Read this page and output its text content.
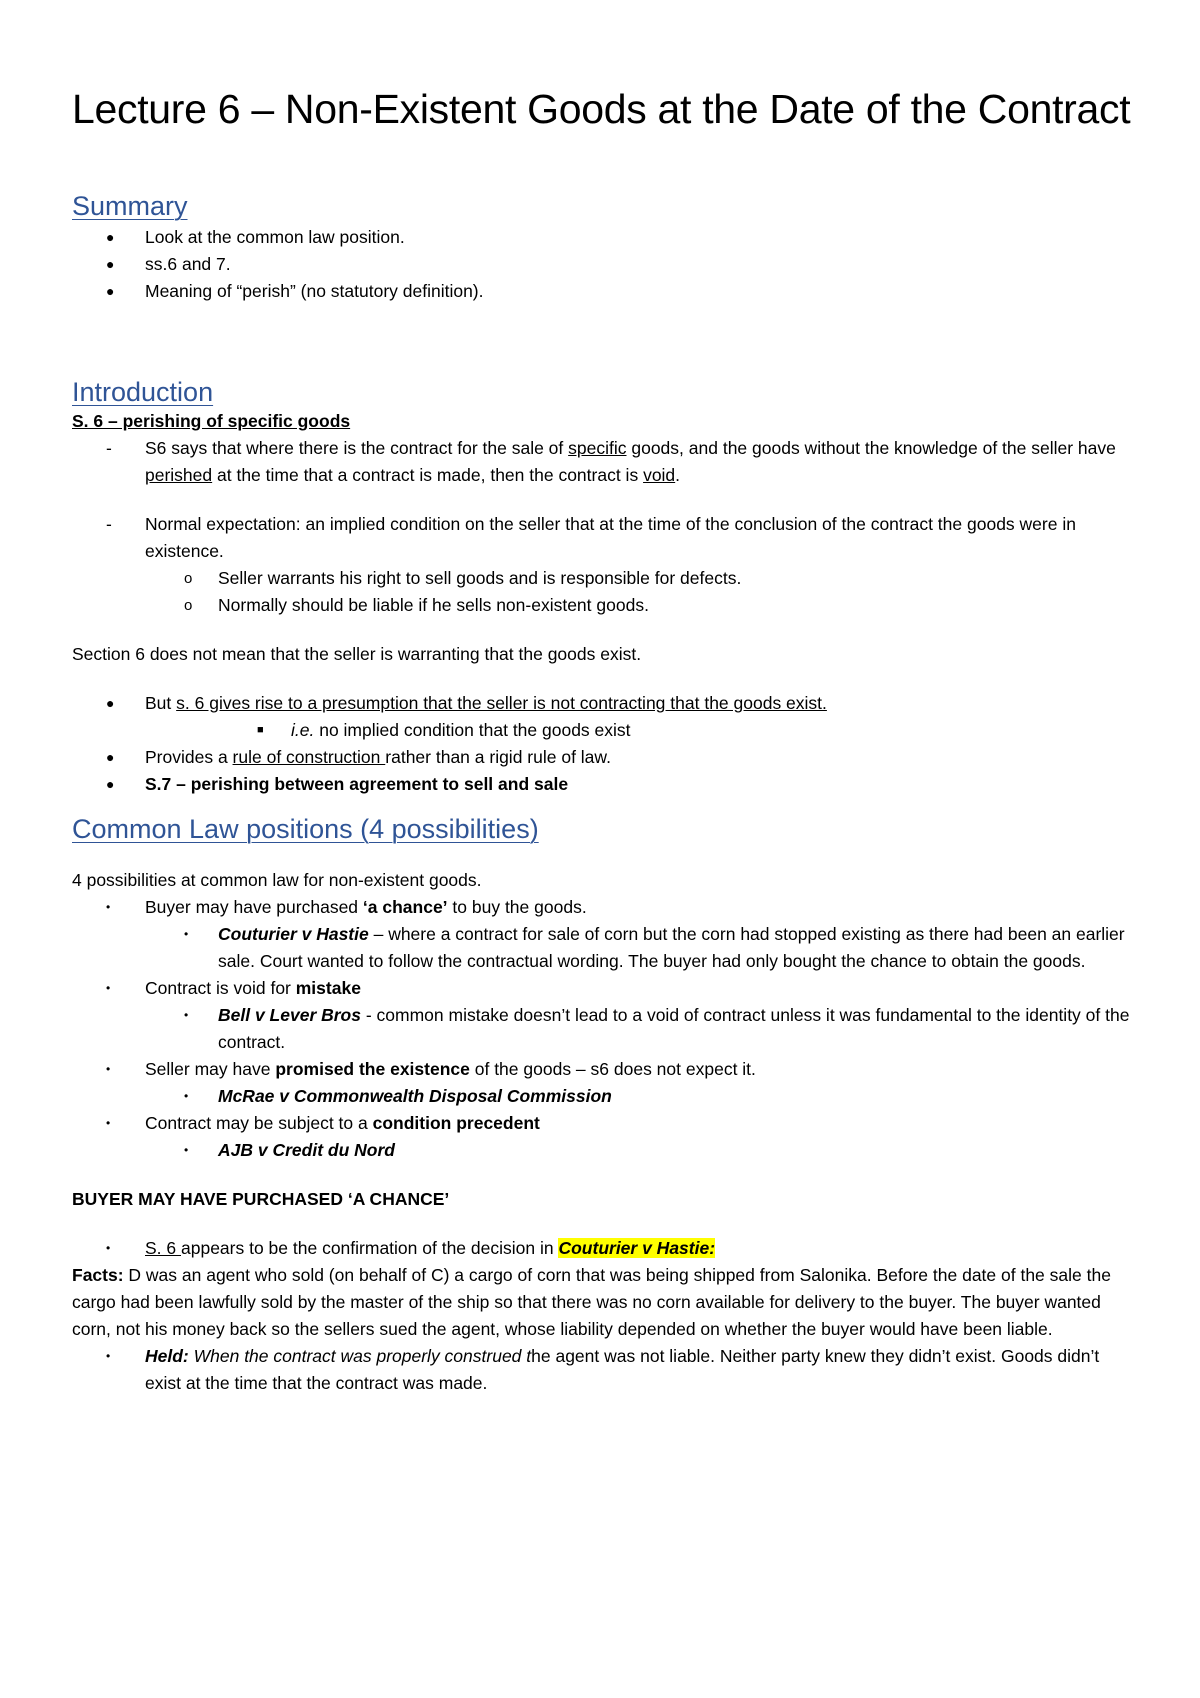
Lecture 6 – Non-Existent Goods at the Date of the Contract
Summary
● Look at the common law position.
● ss.6 and 7.
● Meaning of “perish” (no statutory definition).
Introduction

S. 6 – perishing of specific goods

- S6 says that where there is the contract for the sale of specific goods, and the goods without the knowledge of the seller have perished at the time that a contract is made, then the contract is void.
- Normal expectation: an implied condition on the seller that at the time of the conclusion of the contract the goods were in existence.
o Seller warrants his right to sell goods and is responsible for defects.
o Normally should be liable if he sells non-existent goods.

Section 6 does not mean that the seller is warranting that the goods exist.

● But s. 6 gives rise to a presumption that the seller is not contracting that the goods exist.
■ i.e. no implied condition that the goods exist
● Provides a rule of construction rather than a rigid rule of law.
● S.7 – perishing between agreement to sell and sale
Common Law positions (4 possibilities)

4 possibilities at common law for non-existent goods.

• Buyer may have purchased ‘a chance’ to buy the goods.
• Couturier v Hastie – where a contract for sale of corn but the corn had stopped existing as there had been an earlier sale. Court wanted to follow the contractual wording. The buyer had only bought the chance to obtain the goods.
• Contract is void for mistake
• Bell v Lever Bros - common mistake doesn’t lead to a void of contract unless it was fundamental to the identity of the contract.
• Seller may have promised the existence of the goods – s6 does not expect it.
• McRae v Commonwealth Disposal Commission
• Contract may be subject to a condition precedent
• AJB v Credit du Nord

BUYER MAY HAVE PURCHASED ‘A CHANCE’

• S. 6 appears to be the confirmation of the decision in Couturier v Hastie:

Facts: D was an agent who sold (on behalf of C) a cargo of corn that was being shipped from Salonika. Before the date of the sale the cargo had been lawfully sold by the master of the ship so that there was no corn available for delivery to the buyer. The buyer wanted corn, not his money back so the sellers sued the agent, whose liability depended on whether the buyer would have been liable.

• Held: When the contract was properly construed the agent was not liable. Neither party knew they didn’t exist. Goods didn’t exist at the time that the contract was made.
